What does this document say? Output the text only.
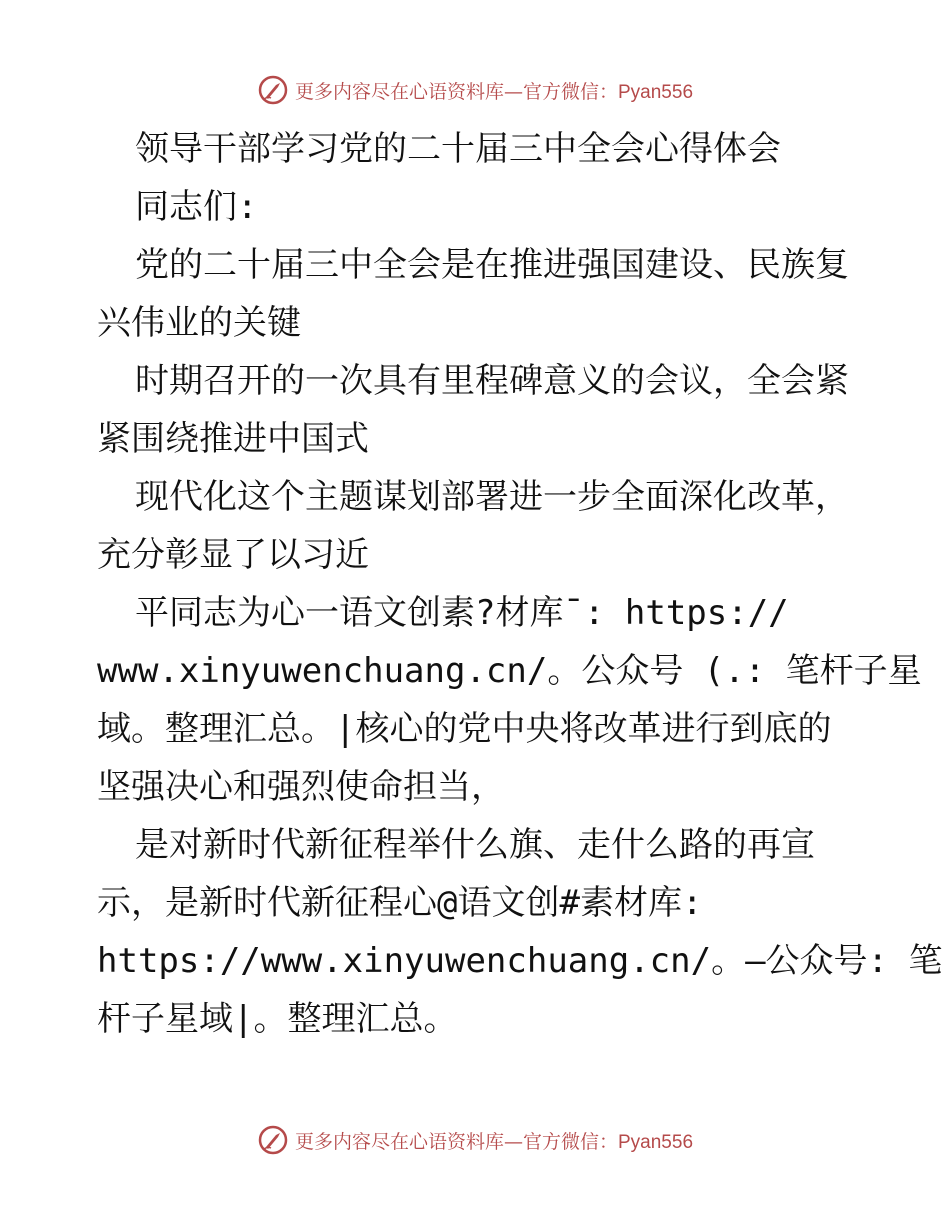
更多内容尽在心语资料库—官方微信：Pyan556
领导干部学习党的二十届三中全会心得体会
同志们:
党的二十届三中全会是在推进强国建设、民族复
兴伟业的关键
时期召开的一次具有里程碑意义的会议，全会紧
紧围绕推进中国式
现代化这个主题谋划部署进一步全面深化改革，
充分彰显了以习近
平同志为心一语文创素?材库¯: https://
www.xinyuwenchuang.cn/。公众号 (.: 笔杆子星
域。整理汇总。|核心的党中央将改革进行到底的
坚强决心和强烈使命担当，
是对新时代新征程举什么旗、走什么路的再宣
示，是新时代新征程心@语文创#素材库:
https://www.xinyuwenchuang.cn/。—公众号: 笔
杆子星域|。整理汇总。
更多内容尽在心语资料库—官方微信：Pyan556
